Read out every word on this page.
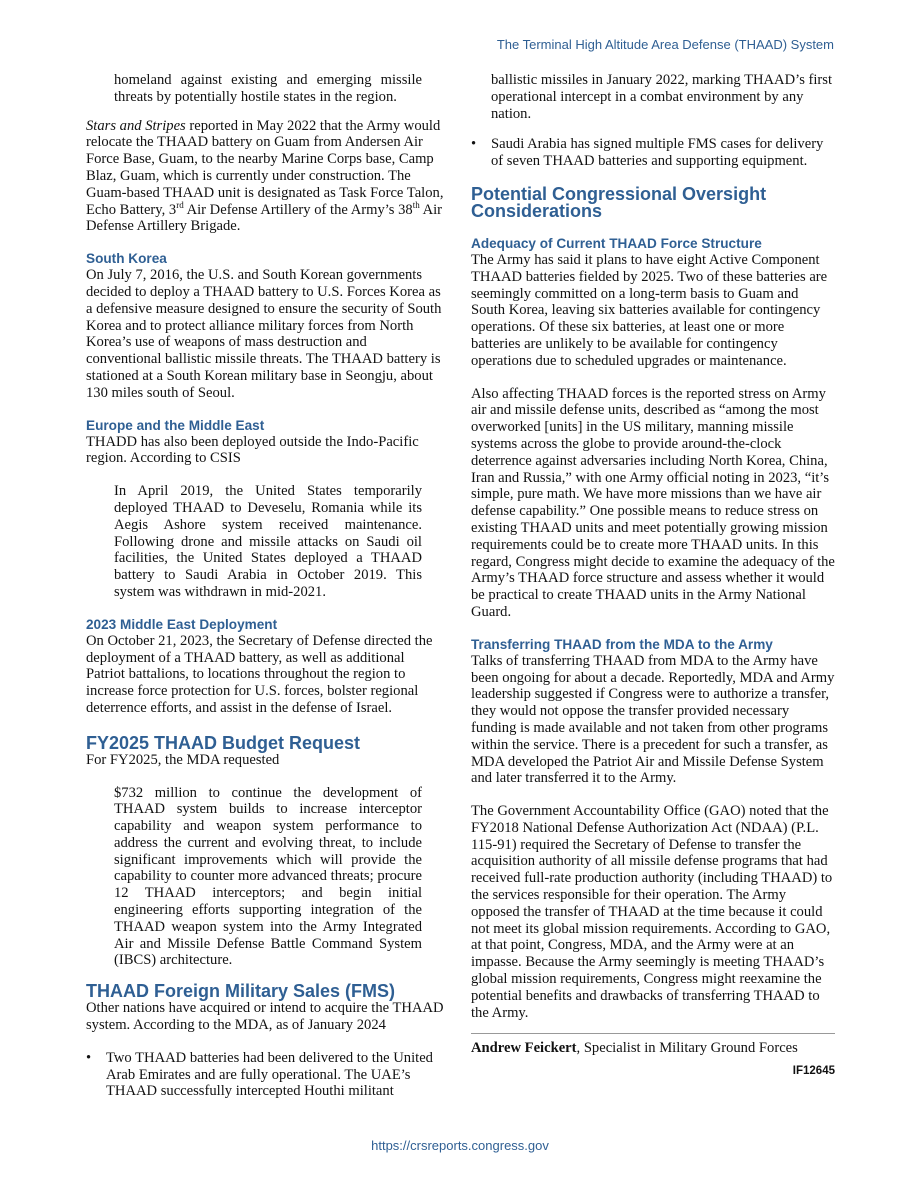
The Terminal High Altitude Area Defense (THAAD) System

homeland against existing and emerging missile threats by potentially hostile states in the region.

Stars and Stripes reported in May 2022 that the Army would relocate the THAAD battery on Guam from Andersen Air Force Base, Guam, to the nearby Marine Corps base, Camp Blaz, Guam, which is currently under construction. The Guam-based THAAD unit is designated as Task Force Talon, Echo Battery, 3rd Air Defense Artillery of the Army’s 38th Air Defense Artillery Brigade.

South Korea

On July 7, 2016, the U.S. and South Korean governments decided to deploy a THAAD battery to U.S. Forces Korea as a defensive measure designed to ensure the security of South Korea and to protect alliance military forces from North Korea’s use of weapons of mass destruction and conventional ballistic missile threats. The THAAD battery is stationed at a South Korean military base in Seongju, about 130 miles south of Seoul.

Europe and the Middle East

THADD has also been deployed outside the Indo-Pacific region. According to CSIS

In April 2019, the United States temporarily deployed THAAD to Deveselu, Romania while its Aegis Ashore system received maintenance. Following drone and missile attacks on Saudi oil facilities, the United States deployed a THAAD battery to Saudi Arabia in October 2019. This system was withdrawn in mid-2021.

2023 Middle East Deployment

On October 21, 2023, the Secretary of Defense directed the deployment of a THAAD battery, as well as additional Patriot battalions, to locations throughout the region to increase force protection for U.S. forces, bolster regional deterrence efforts, and assist in the defense of Israel.

FY2025 THAAD Budget Request

For FY2025, the MDA requested

$732 million to continue the development of THAAD system builds to increase interceptor capability and weapon system performance to address the current and evolving threat, to include significant improvements which will provide the capability to counter more advanced threats; procure 12 THAAD interceptors; and begin initial engineering efforts supporting integration of the THAAD weapon system into the Army Integrated Air and Missile Defense Battle Command System (IBCS) architecture.

THAAD Foreign Military Sales (FMS)

Other nations have acquired or intend to acquire the THAAD system. According to the MDA, as of January 2024

• Two THAAD batteries had been delivered to the United Arab Emirates and are fully operational. The UAE’s THAAD successfully intercepted Houthi militant
ballistic missiles in January 2022, marking THAAD’s first operational intercept in a combat environment by any nation.
• Saudi Arabia has signed multiple FMS cases for delivery of seven THAAD batteries and supporting equipment.
Potential Congressional Oversight Considerations
Adequacy of Current THAAD Force Structure

The Army has said it plans to have eight Active Component THAAD batteries fielded by 2025. Two of these batteries are seemingly committed on a long-term basis to Guam and South Korea, leaving six batteries available for contingency operations. Of these six batteries, at least one or more batteries are unlikely to be available for contingency operations due to scheduled upgrades or maintenance.

Also affecting THAAD forces is the reported stress on Army air and missile defense units, described as “among the most overworked [units] in the US military, manning missile systems across the globe to provide around-the-clock deterrence against adversaries including North Korea, China, Iran and Russia,” with one Army official noting in 2023, “it’s simple, pure math. We have more missions than we have air defense capability.” One possible means to reduce stress on existing THAAD units and meet potentially growing mission requirements could be to create more THAAD units. In this regard, Congress might decide to examine the adequacy of the Army’s THAAD force structure and assess whether it would be practical to create THAAD units in the Army National Guard.

Transferring THAAD from the MDA to the Army

Talks of transferring THAAD from MDA to the Army have been ongoing for about a decade. Reportedly, MDA and Army leadership suggested if Congress were to authorize a transfer, they would not oppose the transfer provided necessary funding is made available and not taken from other programs within the service. There is a precedent for such a transfer, as MDA developed the Patriot Air and Missile Defense System and later transferred it to the Army.

The Government Accountability Office (GAO) noted that the FY2018 National Defense Authorization Act (NDAA) (P.L. 115-91) required the Secretary of Defense to transfer the acquisition authority of all missile defense programs that had received full-rate production authority (including THAAD) to the services responsible for their operation. The Army opposed the transfer of THAAD at the time because it could not meet its global mission requirements. According to GAO, at that point, Congress, MDA, and the Army were at an impasse. Because the Army seemingly is meeting THAAD’s global mission requirements, Congress might reexamine the potential benefits and drawbacks of transferring THAAD to the Army.

Andrew Feickert, Specialist in Military Ground Forces

IF12645
https://crsreports.congress.gov
